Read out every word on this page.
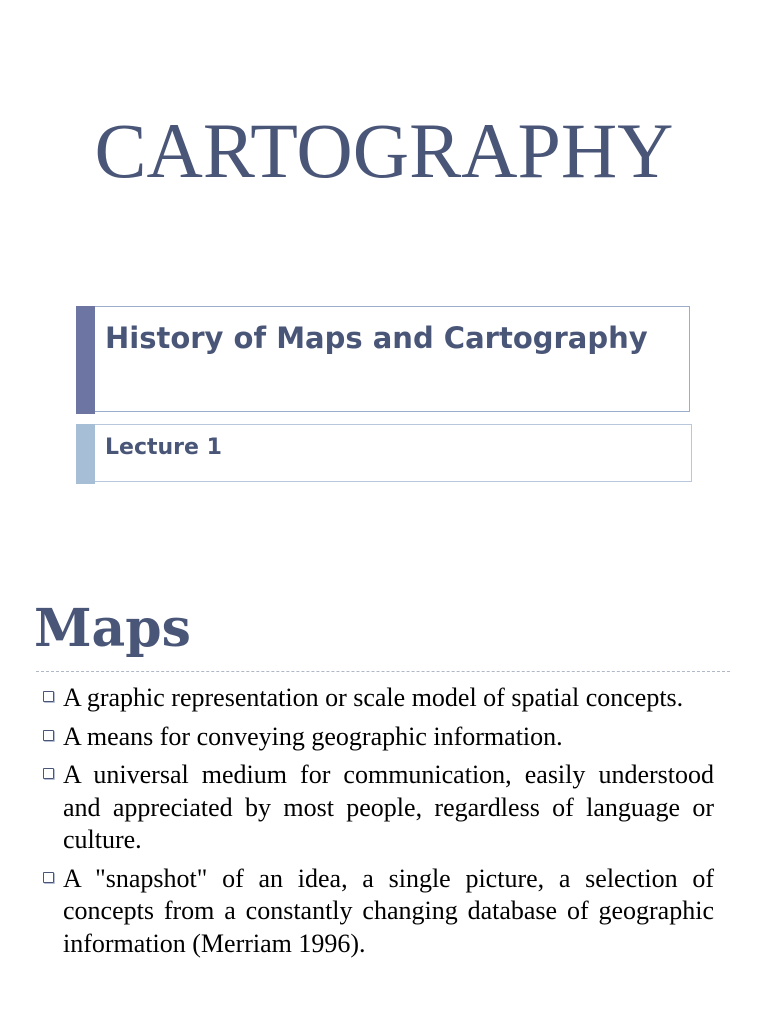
CARTOGRAPHY
History of Maps and Cartography
Lecture 1
Maps
A graphic representation or scale model of spatial concepts.
A means for conveying geographic information.
A universal medium for communication, easily understood and appreciated by most people, regardless of language or culture.
A "snapshot" of an idea, a single picture, a selection of concepts from a constantly changing database of geographic information (Merriam 1996).
